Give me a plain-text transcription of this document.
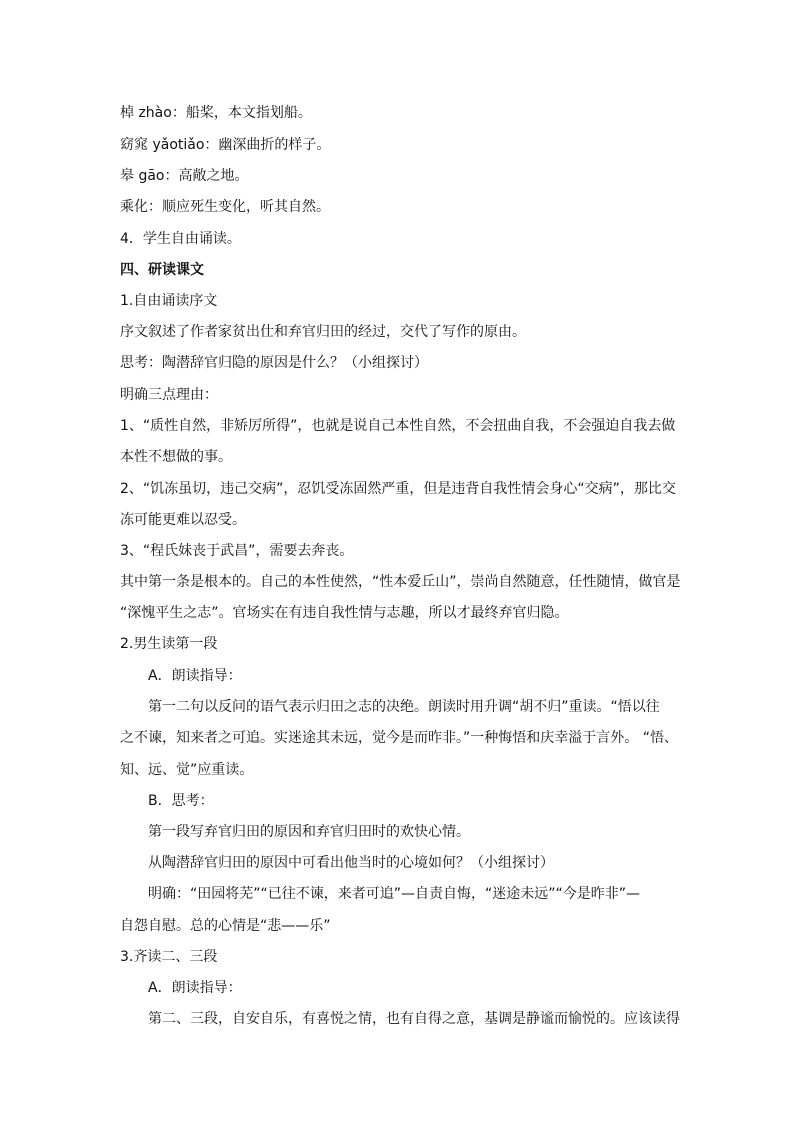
棹 zhào：船桨，本文指划船。
窈窕 yǎotiǎo：幽深曲折的样子。
皋 gāo：高敞之地。
乘化：顺应死生变化，听其自然。
4．学生自由诵读。
四、研读课文
1.自由诵读序文
序文叙述了作者家贫出仕和弃官归田的经过，交代了写作的原由。
思考：陶潜辞官归隐的原因是什么？（小组探讨）
明确三点理由：
1、“质性自然，非矫厉所得”，也就是说自己本性自然，不会扭曲自我，不会强迫自我去做
本性不想做的事。
2、“饥冻虽切，违己交病”，忍饥受冻固然严重，但是违背自我性情会身心“交病”，那比交
冻可能更难以忍受。
3、“程氏妹丧于武昌”，需要去奔丧。
其中第一条是根本的。自己的本性使然，“性本爱丘山”，崇尚自然随意，任性随情，做官是
“深愧平生之志”。官场实在有违自我性情与志趣，所以才最终弃官归隐。
2.男生读第一段
A．朗读指导：
第一二句以反问的语气表示归田之志的决绝。朗读时用升调“胡不归”重读。“悟以往
之不谏，知来者之可追。实迷途其未远，觉今是而昨非。”一种悔悟和庆幸溢于言外。 “悟、
知、远、觉”应重读。
B．思考：
第一段写弃官归田的原因和弃官归田时的欢快心情。
从陶潜辞官归田的原因中可看出他当时的心境如何？（小组探讨）
明确：“田园将芜”“已往不谏，来者可追”—自责自悔，“迷途未远”“今是昨非”—
自怨自慰。总的心情是“悲——乐”
3.齐读二、三段
A．朗读指导：
第二、三段，自安自乐，有喜悦之情，也有自得之意，基调是静谧而愉悦的。应该读得
